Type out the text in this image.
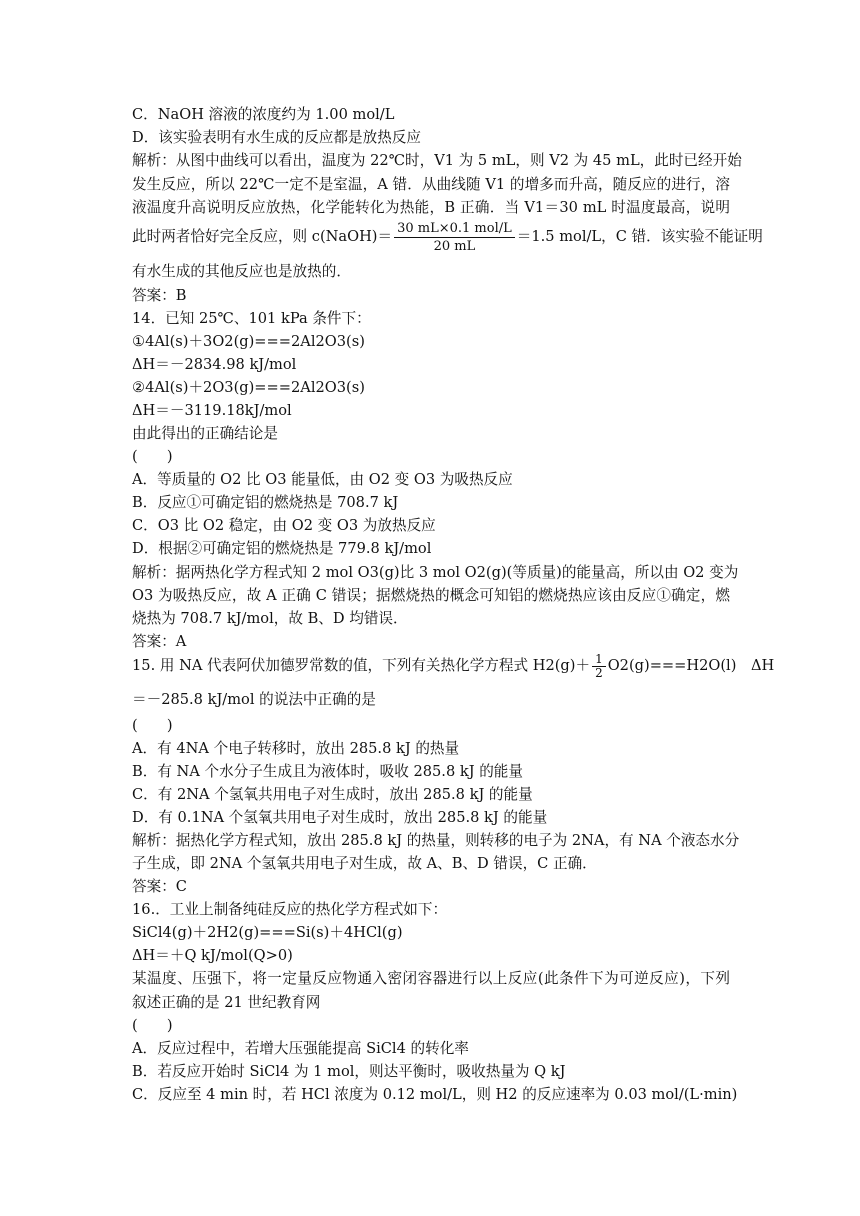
C．NaOH 溶液的浓度约为 1.00 mol/L
D．该实验表明有水生成的反应都是放热反应
解析：从图中曲线可以看出，温度为 22℃时，V1 为 5 mL，则 V2 为 45 mL，此时已经开始
发生反应，所以 22℃一定不是室温，A 错．从曲线随 V1 的增多而升高，随反应的进行，溶
液温度升高说明反应放热，化学能转化为热能，B 正确．当 V1＝30 mL 时温度最高，说明
此时两者恰好完全反应，则 c(NaOH)＝ $\frac{\text{30 mL×0.1 mol/L}}{20 mL} =1.5$ mol/L，C 错．该实验不能证明
有水生成的其他反应也是放热的．
答案：B
14．已知 25℃、101 kPa 条件下：
①4Al(s)＋3O2(g)===2Al2O3(s)
ΔH＝－2834.98 kJ/mol
②4Al(s)＋2O3(g)===2Al2O3(s)
ΔH＝－3119.18kJ/mol
由此得出的正确结论是
(　　)
A．等质量的 O2 比 O3 能量低，由 O2 变 O3 为吸热反应
B．反应①可确定铝的燃烧热是 708.7 kJ
C．O3 比 O2 稳定，由 O2 变 O3 为放热反应
D．根据②可确定铝的燃烧热是 779.8 kJ/mol
解析：据两热化学方程式知 2 mol O3(g)比 3 mol O2(g)(等质量)的能量高，所以由 O2 变为
O3 为吸热反应，故 A 正确 C 错误；据燃烧热的概念可知铝的燃烧热应该由反应①确定，燃
烧热为 708.7 kJ/mol，故 B、D 均错误．
答案：A
15. 用 NA 代表阿伏加德罗常数的值，下列有关热化学方程式 $H2(g)+ \frac{1}{2} O2(g)===H2O(l)$　ΔH
＝－285.8 kJ/mol 的说法中正确的是
(　　)
A．有 4NA 个电子转移时，放出 285.8 kJ 的热量
B．有 NA 个水分子生成且为液体时，吸收 285.8 kJ 的能量
C．有 2NA 个氢氧共用电子对生成时，放出 285.8 kJ 的能量
D．有 0.1NA 个氢氧共用电子对生成时，放出 285.8 kJ 的能量
解析：据热化学方程式知，放出 285.8 kJ 的热量，则转移的电子为 2NA，有 NA 个液态水分
子生成，即 2NA 个氢氧共用电子对生成，故 A、B、D 错误，C 正确．
答案：C
16.．工业上制备纯硅反应的热化学方程式如下：
SiCl4(g)＋2H2(g)===Si(s)＋4HCl(g)
ΔH＝＋Q kJ/mol(Q>0)
某温度、压强下，将一定量反应物通入密闭容器进行以上反应(此条件下为可逆反应)，下列
叙述正确的是 21 世纪教育网
(　　)
A．反应过程中，若增大压强能提高 SiCl4 的转化率
B．若反应开始时 SiCl4 为 1 mol，则达平衡时，吸收热量为 Q kJ
C．反应至 4 min 时，若 HCl 浓度为 0.12 mol/L，则 H2 的反应速率为 0.03 mol/(L·min)
